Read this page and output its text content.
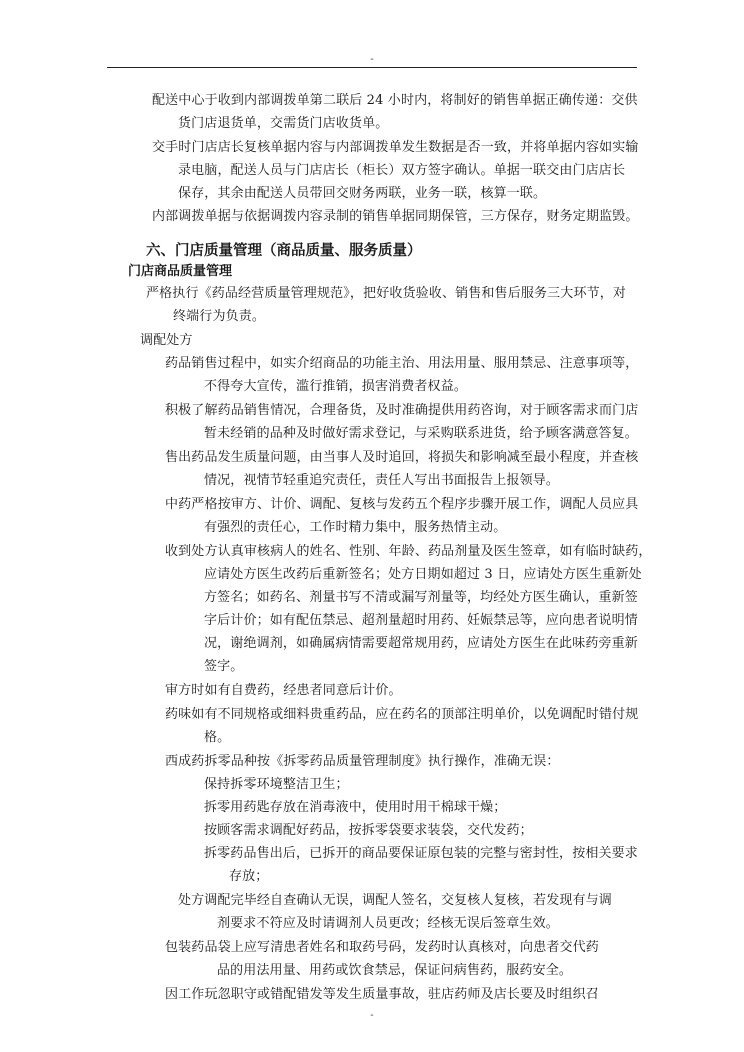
-
配送中心于收到内部调拨单第二联后 24 小时内，将制好的销售单据正确传递：交供
货门店退货单，交需货门店收货单。
交手时门店店长复核单据内容与内部调拨单发生数据是否一致，并将单据内容如实输
录电脑，配送人员与门店店长（柜长）双方签字确认。单据一联交由门店店长
保存，其余由配送人员带回交财务两联，业务一联，核算一联。
内部调拨单据与依据调拨内容录制的销售单据同期保管，三方保存，财务定期监毁。
六、门店质量管理（商品质量、服务质量）
门店商品质量管理
严格执行《药品经营质量管理规范》，把好收货验收、销售和售后服务三大环节，对
终端行为负责。
调配处方
药品销售过程中，如实介绍商品的功能主治、用法用量、服用禁忌、注意事项等，
不得夸大宣传，滥行推销，损害消费者权益。
积极了解药品销售情况，合理备货，及时准确提供用药咨询，对于顾客需求而门店
暂未经销的品种及时做好需求登记，与采购联系进货，给予顾客满意答复。
售出药品发生质量问题，由当事人及时追回，将损失和影响减至最小程度，并查核
情况，视情节轻重追究责任，责任人写出书面报告上报领导。
中药严格按审方、计价、调配、复核与发药五个程序步骤开展工作，调配人员应具
有强烈的责任心，工作时精力集中，服务热情主动。
收到处方认真审核病人的姓名、性别、年龄、药品剂量及医生签章，如有临时缺药，
应请处方医生改药后重新签名；处方日期如超过 3 日，应请处方医生重新处
方签名；如药名、剂量书写不清或漏写剂量等，均经处方医生确认，重新签
字后计价；如有配伍禁忌、超剂量超时用药、妊娠禁忌等，应向患者说明情
况，谢绝调剂，如确属病情需要超常规用药，应请处方医生在此味药旁重新
签字。
审方时如有自费药，经患者同意后计价。
药味如有不同规格或细料贵重药品，应在药名的顶部注明单价，以免调配时错付规
格。
西成药拆零品种按《拆零药品质量管理制度》执行操作，准确无误：
保持拆零环境整洁卫生；
拆零用药匙存放在消毒液中，使用时用干棉球干燥；
按顾客需求调配好药品，按拆零袋要求装袋，交代发药；
拆零药品售出后，已拆开的商品要保证原包装的完整与密封性，按相关要求
存放；
处方调配完毕经自查确认无误，调配人签名，交复核人复核，若发现有与调
剂要求不符应及时请调剂人员更改；经核无误后签章生效。
包装药品袋上应写清患者姓名和取药号码，发药时认真核对，向患者交代药
品的用法用量、用药或饮食禁忌，保证问病售药，服药安全。
因工作玩忽职守或错配错发等发生质量事故，驻店药师及店长要及时组织召
-
